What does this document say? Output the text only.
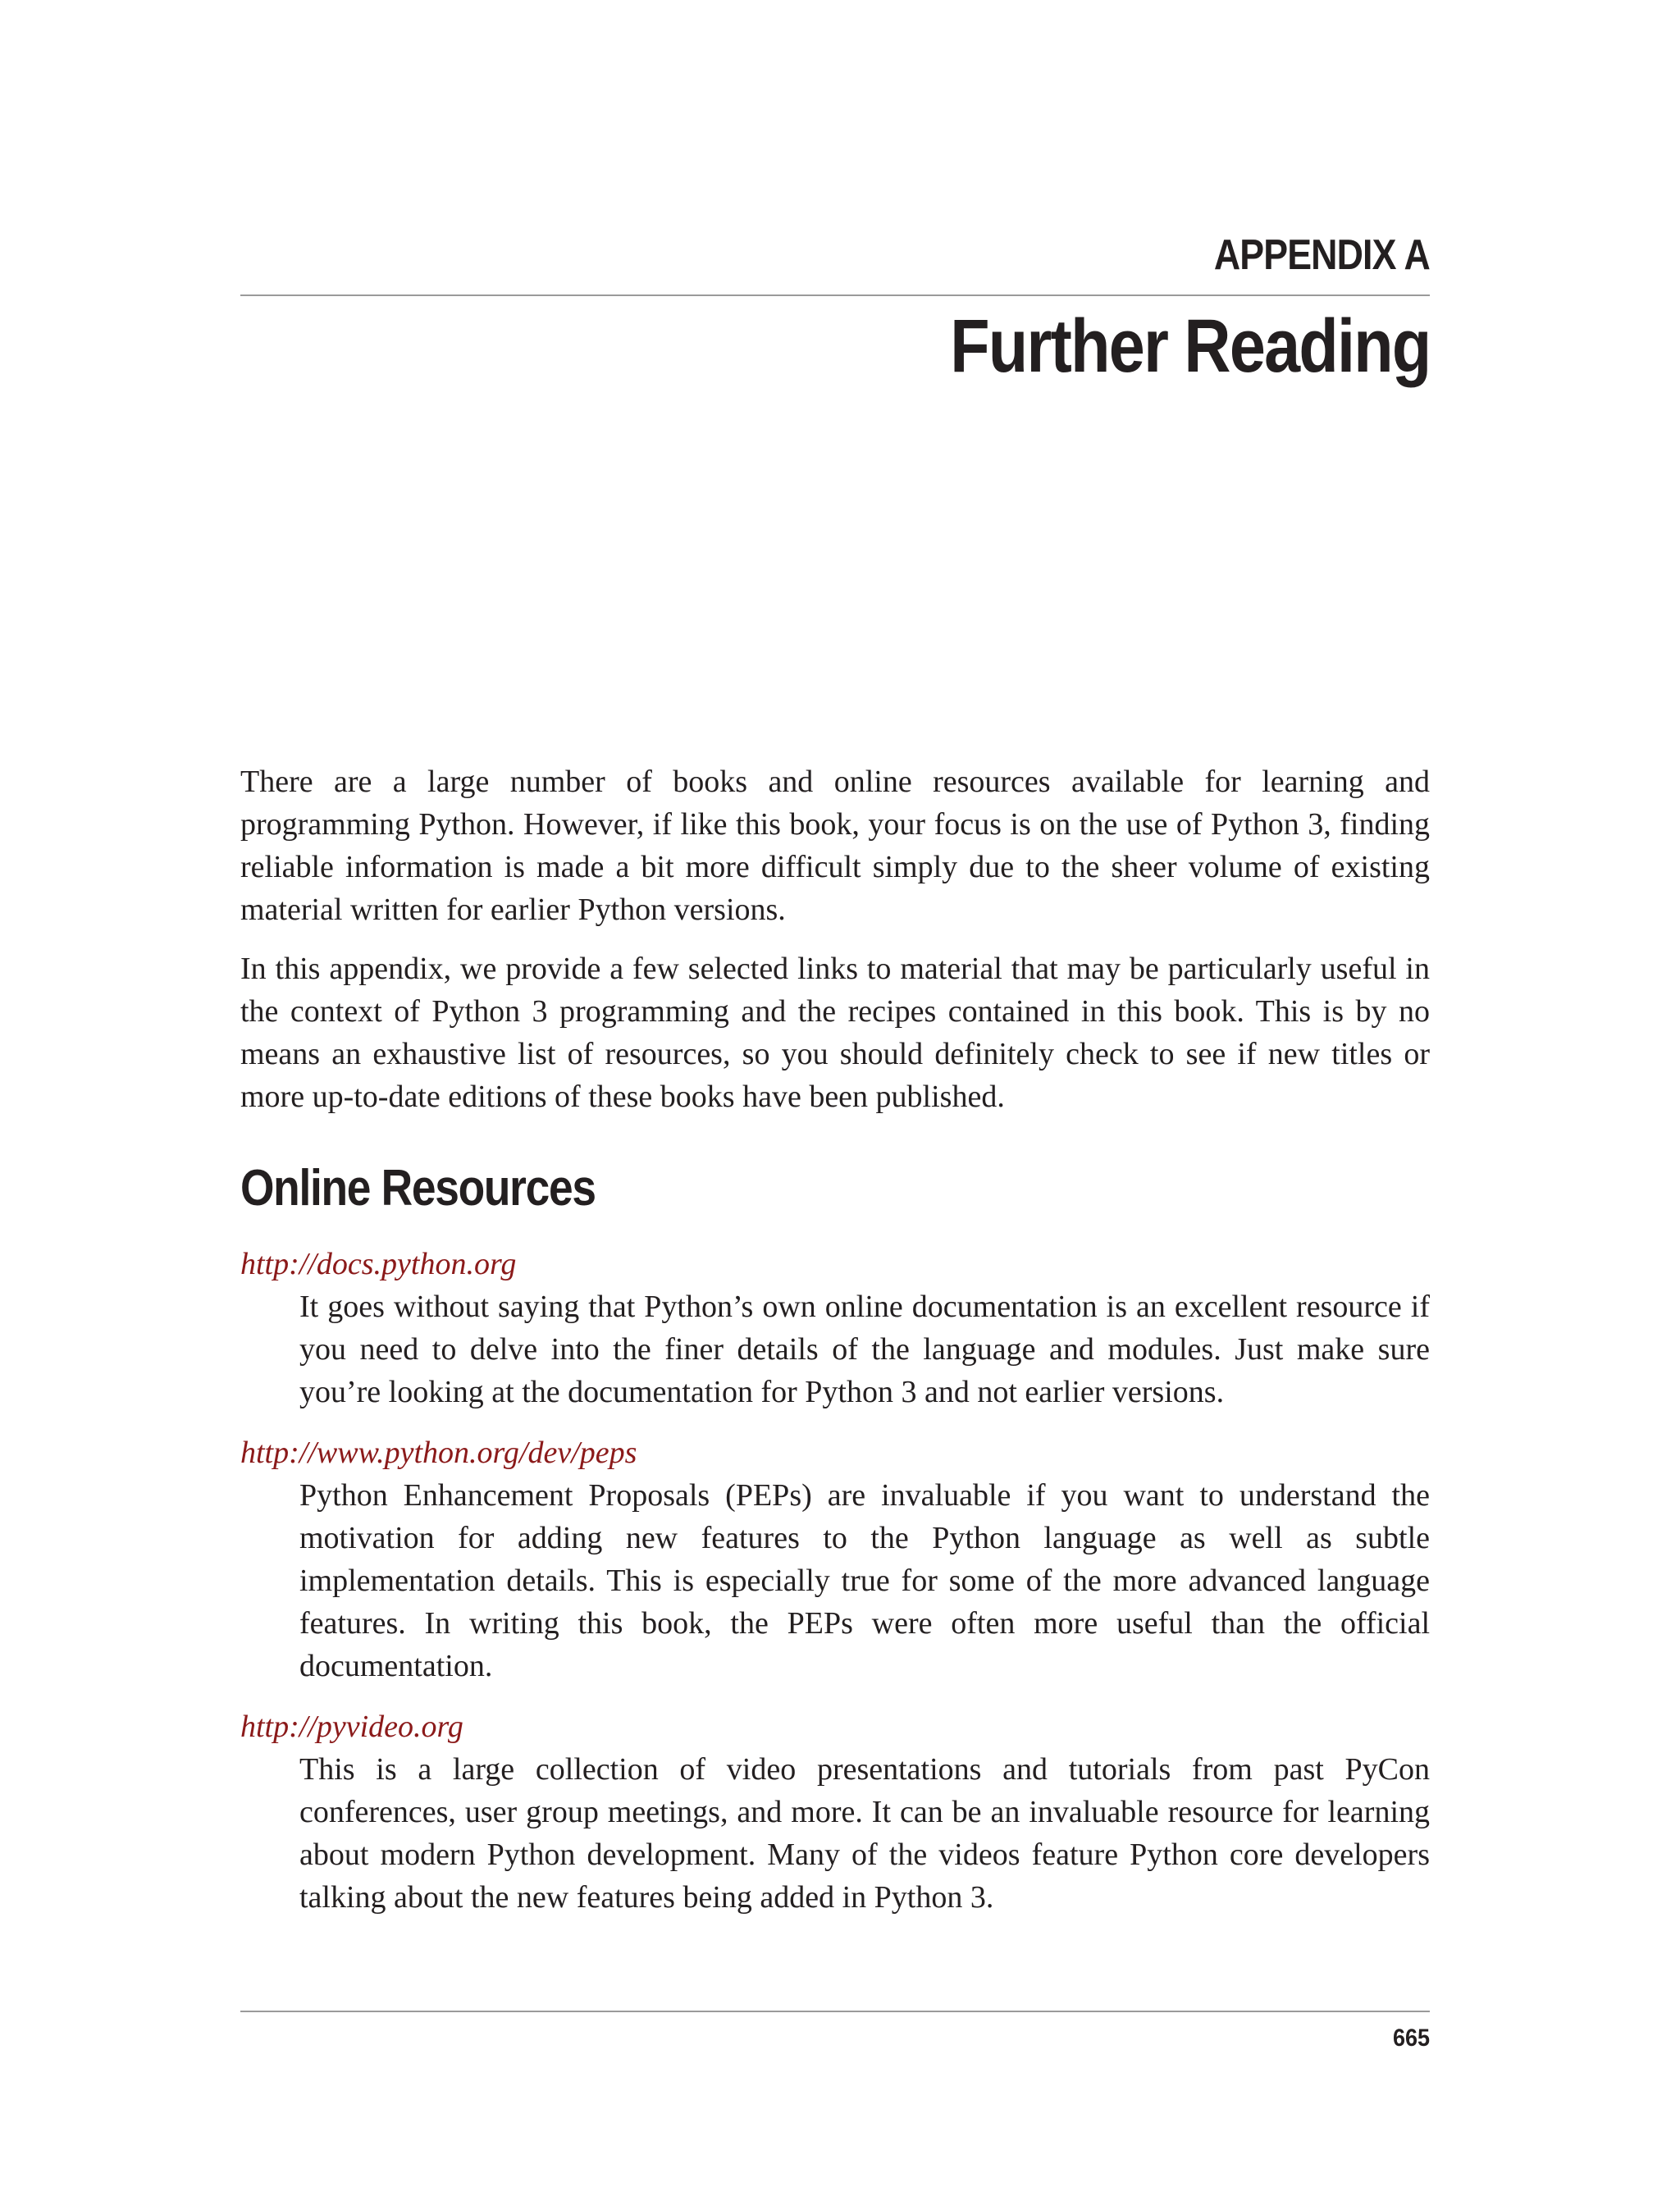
APPENDIX A
Further Reading

There are a large number of books and online resources available for learning and programming Python. However, if like this book, your focus is on the use of Python 3, finding reliable information is made a bit more difficult simply due to the sheer volume of existing material written for earlier Python versions.

In this appendix, we provide a few selected links to material that may be particularly useful in the context of Python 3 programming and the recipes contained in this book. This is by no means an exhaustive list of resources, so you should definitely check to see if new titles or more up-to-date editions of these books have been published.

Online Resources
http://docs.python.org

It goes without saying that Python’s own online documentation is an excellent resource if you need to delve into the finer details of the language and modules. Just make sure you’re looking at the documentation for Python 3 and not earlier versions.

http://www.python.org/dev/peps

Python Enhancement Proposals (PEPs) are invaluable if you want to understand the motivation for adding new features to the Python language as well as subtle implementation details. This is especially true for some of the more advanced language features. In writing this book, the PEPs were often more useful than the official documentation.

http://pyvideo.org

This is a large collection of video presentations and tutorials from past PyCon conferences, user group meetings, and more. It can be an invaluable resource for learning about modern Python development. Many of the videos feature Python core developers talking about the new features being added in Python 3.

665
